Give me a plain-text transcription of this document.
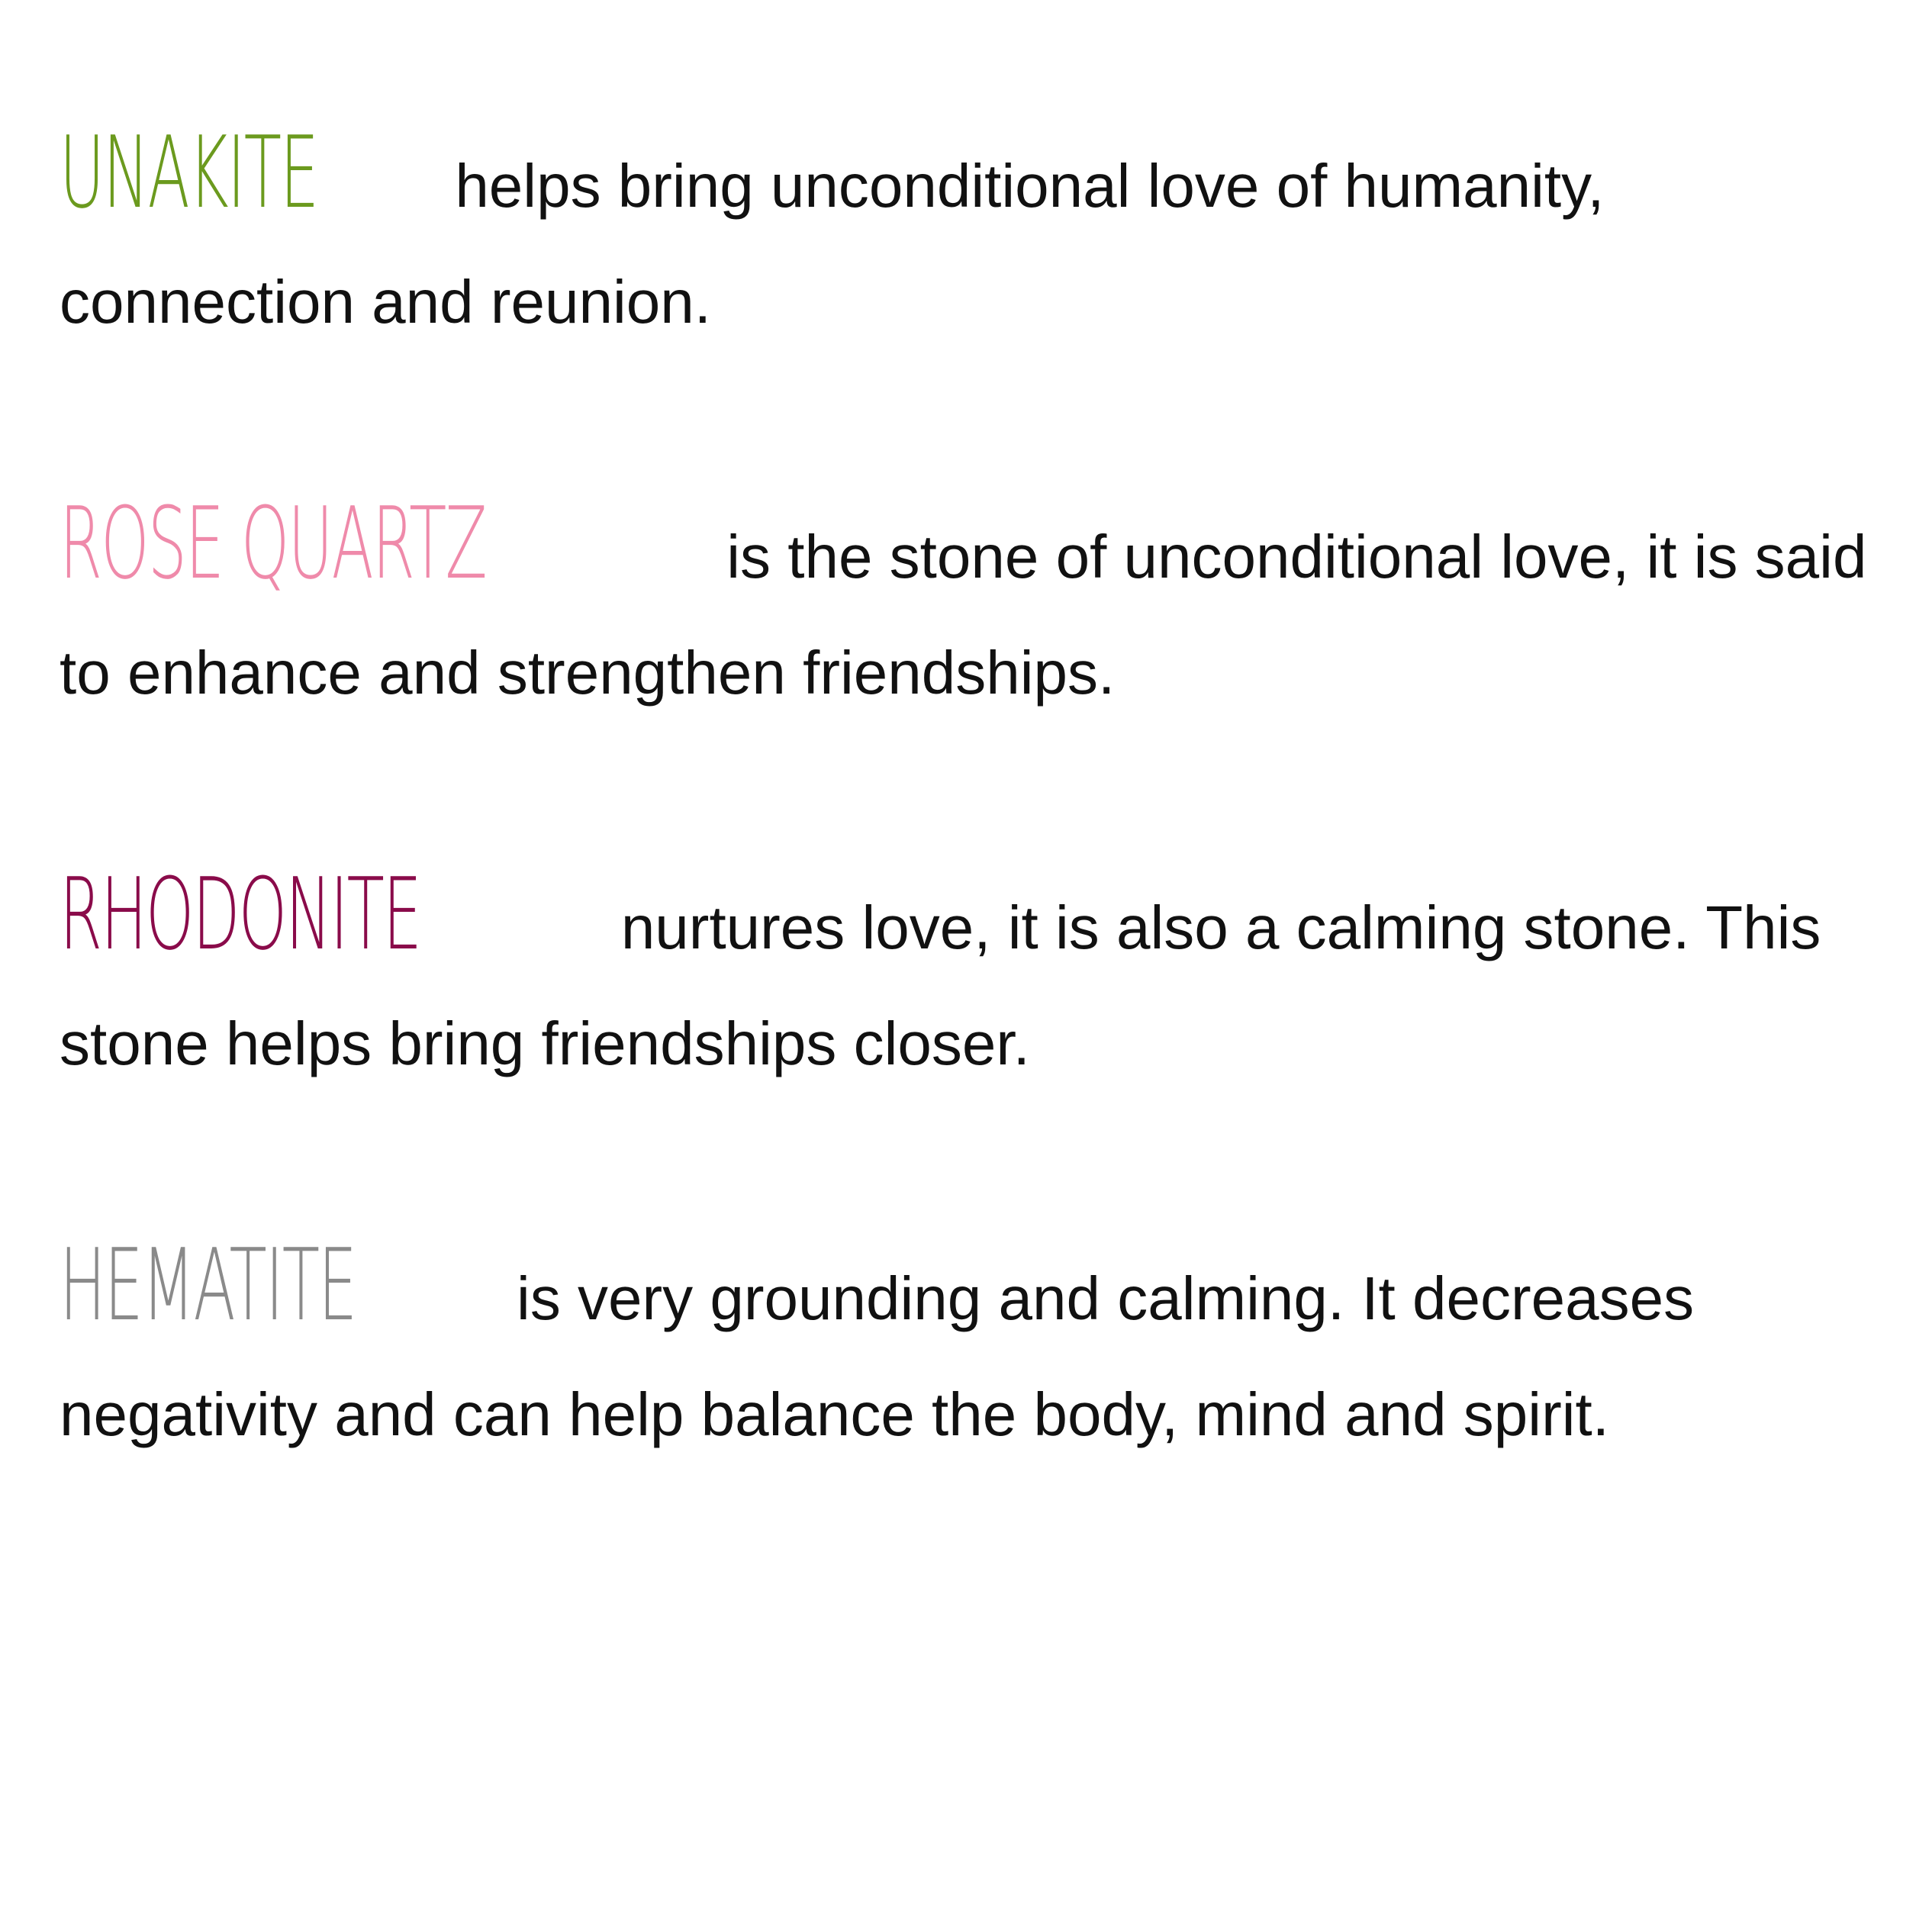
UNAKITE helps bring unconditional love of humanity, connection and reunion.

ROSE QUARTZ	is the stone of unconditional love, it is said to enhance and strengthen friendships.

RHODONITE	nurtures love, it is also a calming stone. This stone helps bring friendships closer.

HEMATITE	is very grounding and calming. It decreases negativity and can help balance the body, mind and spirit.
